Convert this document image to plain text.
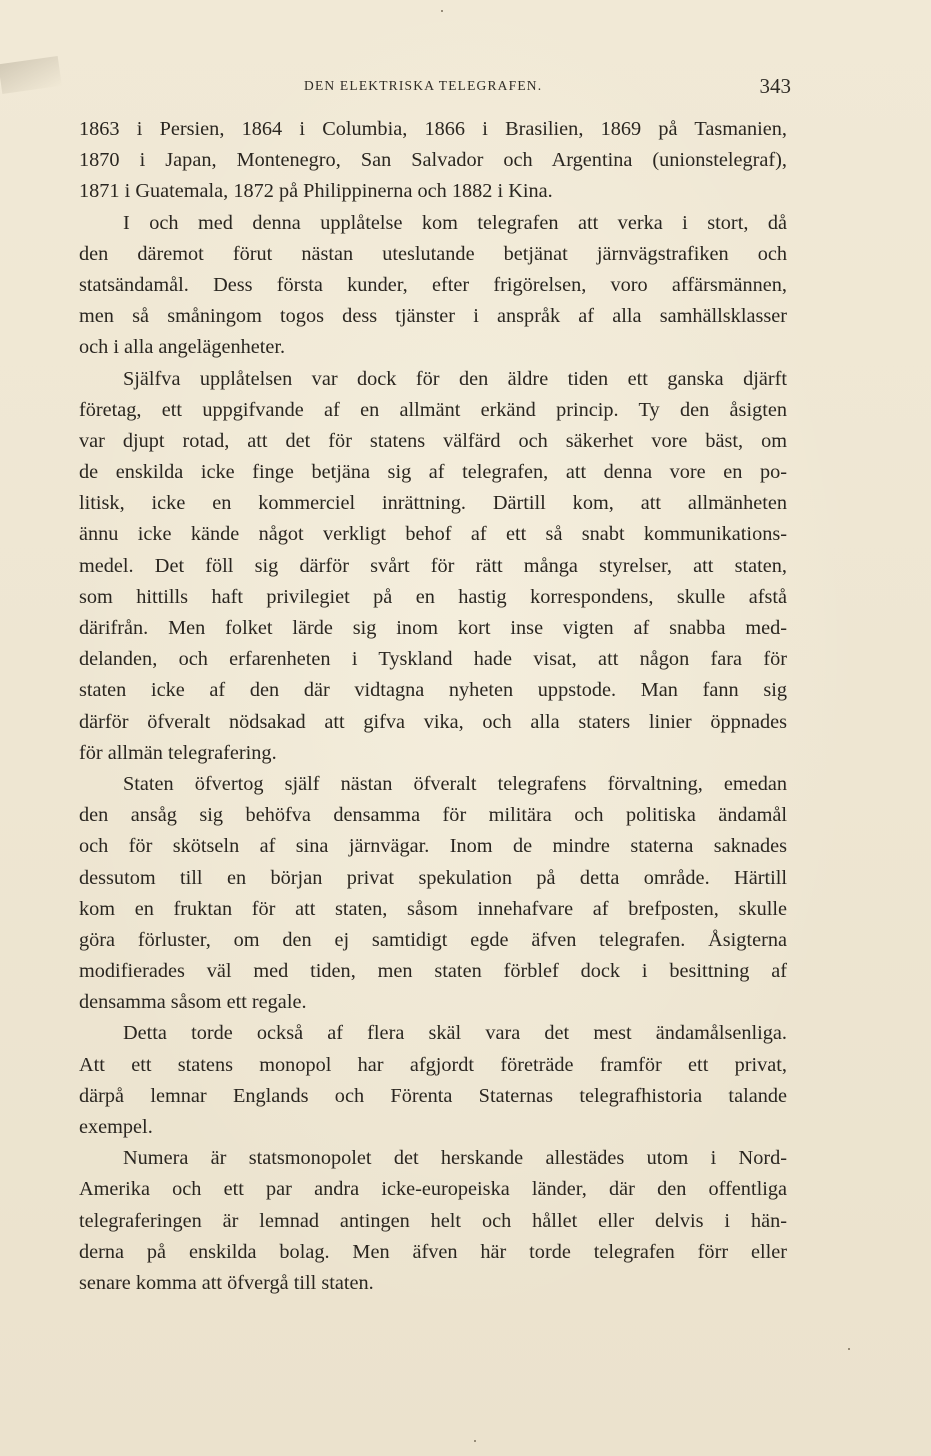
DEN ELEKTRISKA TELEGRAFEN.	343
1863 i Persien, 1864 i Columbia, 1866 i Brasilien, 1869 på Tasmanien,
1870 i Japan, Montenegro, San Salvador och Argentina (unionstelegraf),
1871 i Guatemala, 1872 på Philippinerna och 1882 i Kina.
I och med denna upplåtelse kom telegrafen att verka i stort, då
den däremot förut nästan uteslutande betjänat järnvägstrafiken och
statsändamål. Dess första kunder, efter frigörelsen, voro affärsmännen,
men så småningom togos dess tjänster i anspråk af alla samhällsklasser
och i alla angelägenheter.
Själfva upplåtelsen var dock för den äldre tiden ett ganska djärft
företag, ett uppgifvande af en allmänt erkänd princip. Ty den åsigten
var djupt rotad, att det för statens välfärd och säkerhet vore bäst, om
de enskilda icke finge betjäna sig af telegrafen, att denna vore en po-
litisk, icke en kommerciel inrättning. Därtill kom, att allmänheten
ännu icke kände något verkligt behof af ett så snabt kommunikations-
medel. Det föll sig därför svårt för rätt många styrelser, att staten,
som hittills haft privilegiet på en hastig korrespondens, skulle afstå
därifrån. Men folket lärde sig inom kort inse vigten af snabba med-
delanden, och erfarenheten i Tyskland hade visat, att någon fara för
staten icke af den där vidtagna nyheten uppstode. Man fann sig
därför öfveralt nödsakad att gifva vika, och alla staters linier öppnades
för allmän telegrafering.
Staten öfvertog själf nästan öfveralt telegrafens förvaltning, emedan
den ansåg sig behöfva densamma för militära och politiska ändamål
och för skötseln af sina järnvägar. Inom de mindre staterna saknades
dessutom till en början privat spekulation på detta område. Härtill
kom en fruktan för att staten, såsom innehafvare af brefposten, skulle
göra förluster, om den ej samtidigt egde äfven telegrafen. Åsigterna
modifierades väl med tiden, men staten förblef dock i besittning af
densamma såsom ett regale.
Detta torde också af flera skäl vara det mest ändamålsenliga.
Att ett statens monopol har afgjordt företräde framför ett privat,
därpå lemnar Englands och Förenta Staternas telegrafhistoria talande
exempel.
Numera är statsmonopolet det herskande allestädes utom i Nord-
Amerika och ett par andra icke-europeiska länder, där den offentliga
telegraferingen är lemnad antingen helt och hållet eller delvis i hän-
derna på enskilda bolag. Men äfven här torde telegrafen förr eller
senare komma att öfvergå till staten.
